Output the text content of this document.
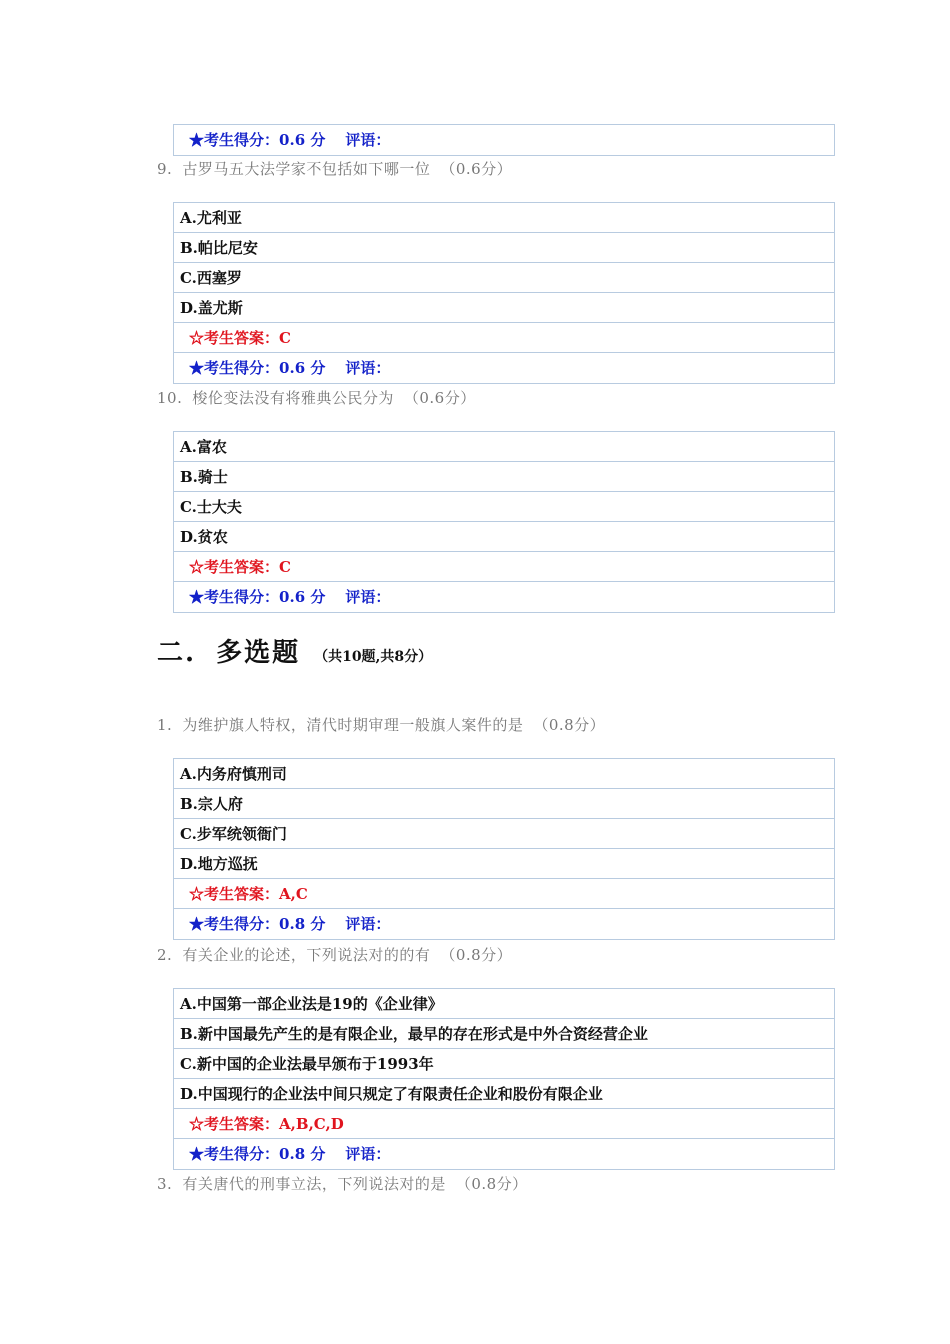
★考生得分：0.6 分 评语：
9. 古罗马五大法学家不包括如下哪一位 （0.6分）
A.尤利亚
B.帕比尼安
C.西塞罗
D.盖尤斯
☆考生答案：C
★考生得分：0.6 分 评语：
10. 梭伦变法没有将雅典公民分为 （0.6分）
A.富农
B.骑士
C.士大夫
D.贫农
☆考生答案：C
★考生得分：0.6 分 评语：
二. 多选题 （共10题,共8分）
1. 为维护旗人特权，清代时期审理一般旗人案件的是 （0.8分）
A.内务府慎刑司
B.宗人府
C.步军统领衙门
D.地方巡抚
☆考生答案：A,C
★考生得分：0.8 分 评语：
2. 有关企业的论述，下列说法对的的有 （0.8分）
A.中国第一部企业法是19的《企业律》
B.新中国最先产生的是有限企业，最早的存在形式是中外合资经营企业
C.新中国的企业法最早颁布于1993年
D.中国现行的企业法中间只规定了有限责任企业和股份有限企业
☆考生答案：A,B,C,D
★考生得分：0.8 分 评语：
3. 有关唐代的刑事立法，下列说法对的是 （0.8分）
